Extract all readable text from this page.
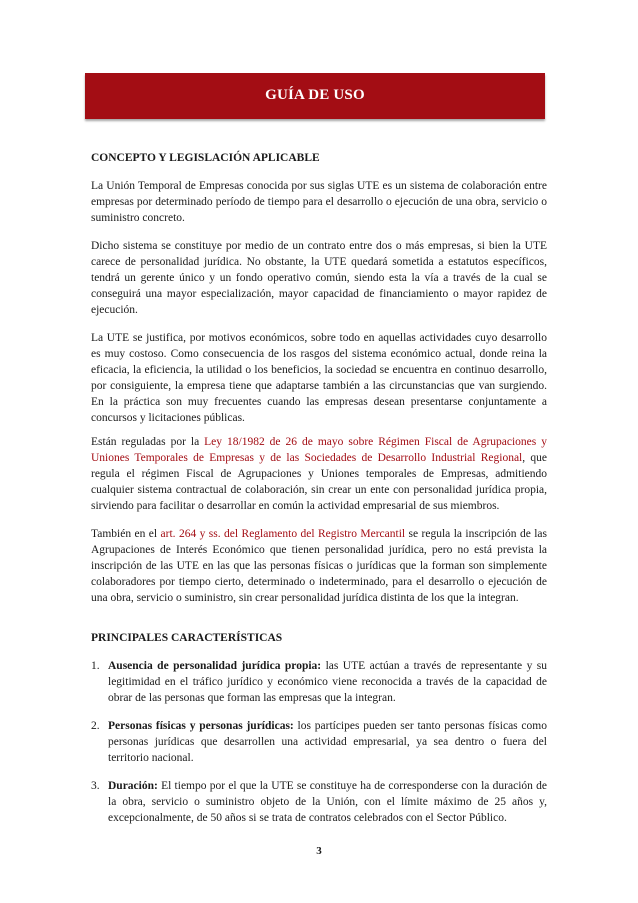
GUÍA DE USO

CONCEPTO Y LEGISLACIÓN APLICABLE

La Unión Temporal de Empresas conocida por sus siglas UTE es un sistema de colaboración entre empresas por determinado período de tiempo para el desarrollo o ejecución de una obra, servicio o suministro concreto.

Dicho sistema se constituye por medio de un contrato entre dos o más empresas, si bien la UTE carece de personalidad jurídica. No obstante, la UTE quedará sometida a estatutos específicos, tendrá un gerente único y un fondo operativo común, siendo esta la vía a través de la cual se conseguirá una mayor especialización, mayor capacidad de financiamiento o mayor rapidez de ejecución.

La UTE se justifica, por motivos económicos, sobre todo en aquellas actividades cuyo desarrollo es muy costoso. Como consecuencia de los rasgos del sistema económico actual, donde reina la eficacia, la eficiencia, la utilidad o los beneficios, la sociedad se encuentra en continuo desarrollo, por consiguiente, la empresa tiene que adaptarse también a las circunstancias que van surgiendo. En la práctica son muy frecuentes cuando las empresas desean presentarse conjuntamente a concursos y licitaciones públicas.

Están reguladas por la Ley 18/1982 de 26 de mayo sobre Régimen Fiscal de Agrupaciones y Uniones Temporales de Empresas y de las Sociedades de Desarrollo Industrial Regional, que regula el régimen Fiscal de Agrupaciones y Uniones temporales de Empresas, admitiendo cualquier sistema contractual de colaboración, sin crear un ente con personalidad jurídica propia, sirviendo para facilitar o desarrollar en común la actividad empresarial de sus miembros.

También en el art. 264 y ss. del Reglamento del Registro Mercantil se regula la inscripción de las Agrupaciones de Interés Económico que tienen personalidad jurídica, pero no está prevista la inscripción de las UTE en las que las personas físicas o jurídicas que la forman son simplemente colaboradores por tiempo cierto, determinado o indeterminado, para el desarrollo o ejecución de una obra, servicio o suministro, sin crear personalidad jurídica distinta de los que la integran.

PRINCIPALES CARACTERÍSTICAS

1. Ausencia de personalidad jurídica propia: las UTE actúan a través de representante y su legitimidad en el tráfico jurídico y económico viene reconocida a través de la capacidad de obrar de las personas que forman las empresas que la integran.
2. Personas físicas y personas jurídicas: los partícipes pueden ser tanto personas físicas como personas jurídicas que desarrollen una actividad empresarial, ya sea dentro o fuera del territorio nacional.
3. Duración: El tiempo por el que la UTE se constituye ha de corresponderse con la duración de la obra, servicio o suministro objeto de la Unión, con el límite máximo de 25 años y, excepcionalmente, de 50 años si se trata de contratos celebrados con el Sector Público.
3
